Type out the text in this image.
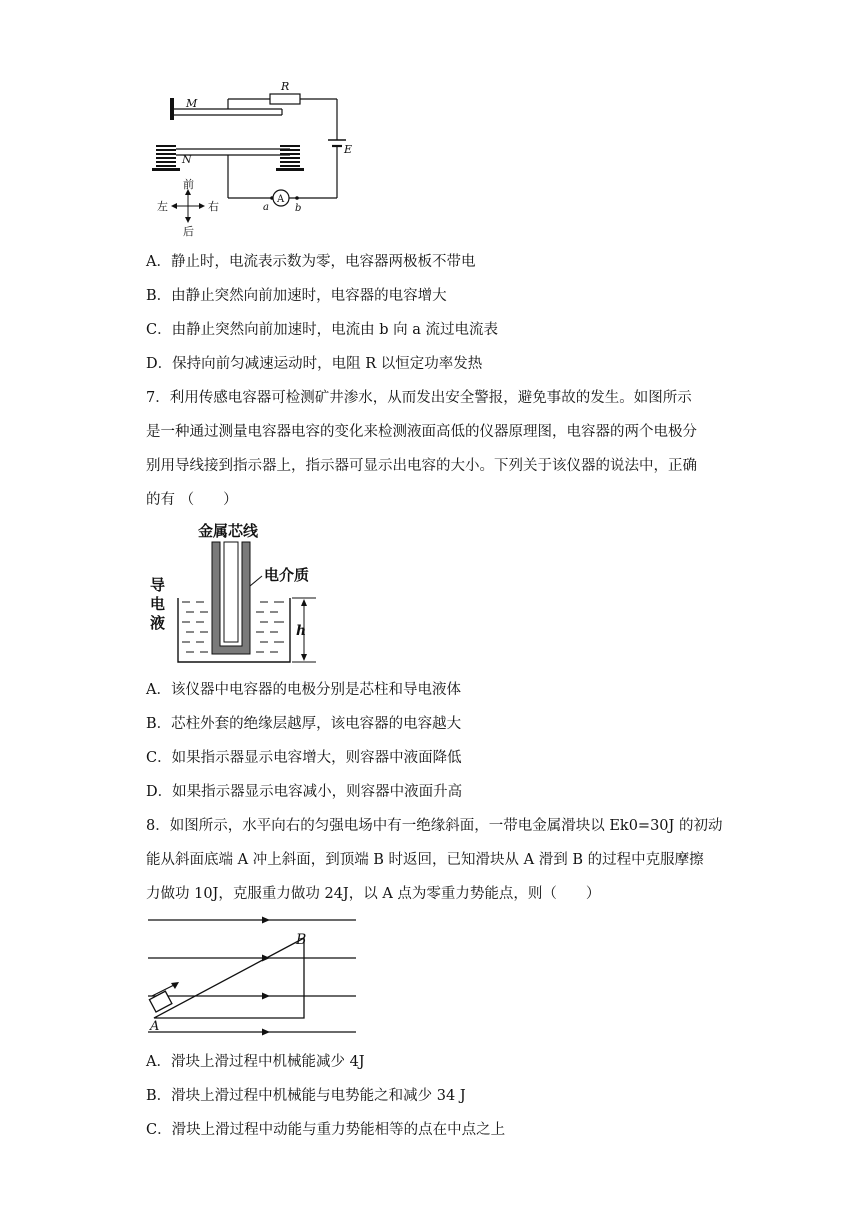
M
N
R
E
A
a	b
前
后
左	右
A．静止时，电流表示数为零，电容器两极板不带电
B．由静止突然向前加速时，电容器的电容增大
C．由静止突然向前加速时，电流由 b 向 a 流过电流表
D．保持向前匀减速运动时，电阻 R 以恒定功率发热
7．利用传感电容器可检测矿井渗水，从而发出安全警报，避免事故的发生。如图所示
是一种通过测量电容器电容的变化来检测液面高低的仪器原理图，电容器的两个电极分
别用导线接到指示器上，指示器可显示出电容的大小。下列关于该仪器的说法中，正确
的有 （　　）
金属芯线
电介质
导
电
液	h
A．该仪器中电容器的电极分别是芯柱和导电液体
B．芯柱外套的绝缘层越厚，该电容器的电容越大
C．如果指示器显示电容增大，则容器中液面降低
D．如果指示器显示电容减小，则容器中液面升高
8．如图所示，水平向右的匀强电场中有一绝缘斜面，一带电金属滑块以 Ek0=30J 的初动
能从斜面底端 A 冲上斜面，到顶端 B 时返回，已知滑块从 A 滑到 B 的过程中克服摩擦
力做功 10J，克服重力做功 24J，以 A 点为零重力势能点，则（　　）
A
B
A．滑块上滑过程中机械能减少 4J
B．滑块上滑过程中机械能与电势能之和减少 34 J
C．滑块上滑过程中动能与重力势能相等的点在中点之上
